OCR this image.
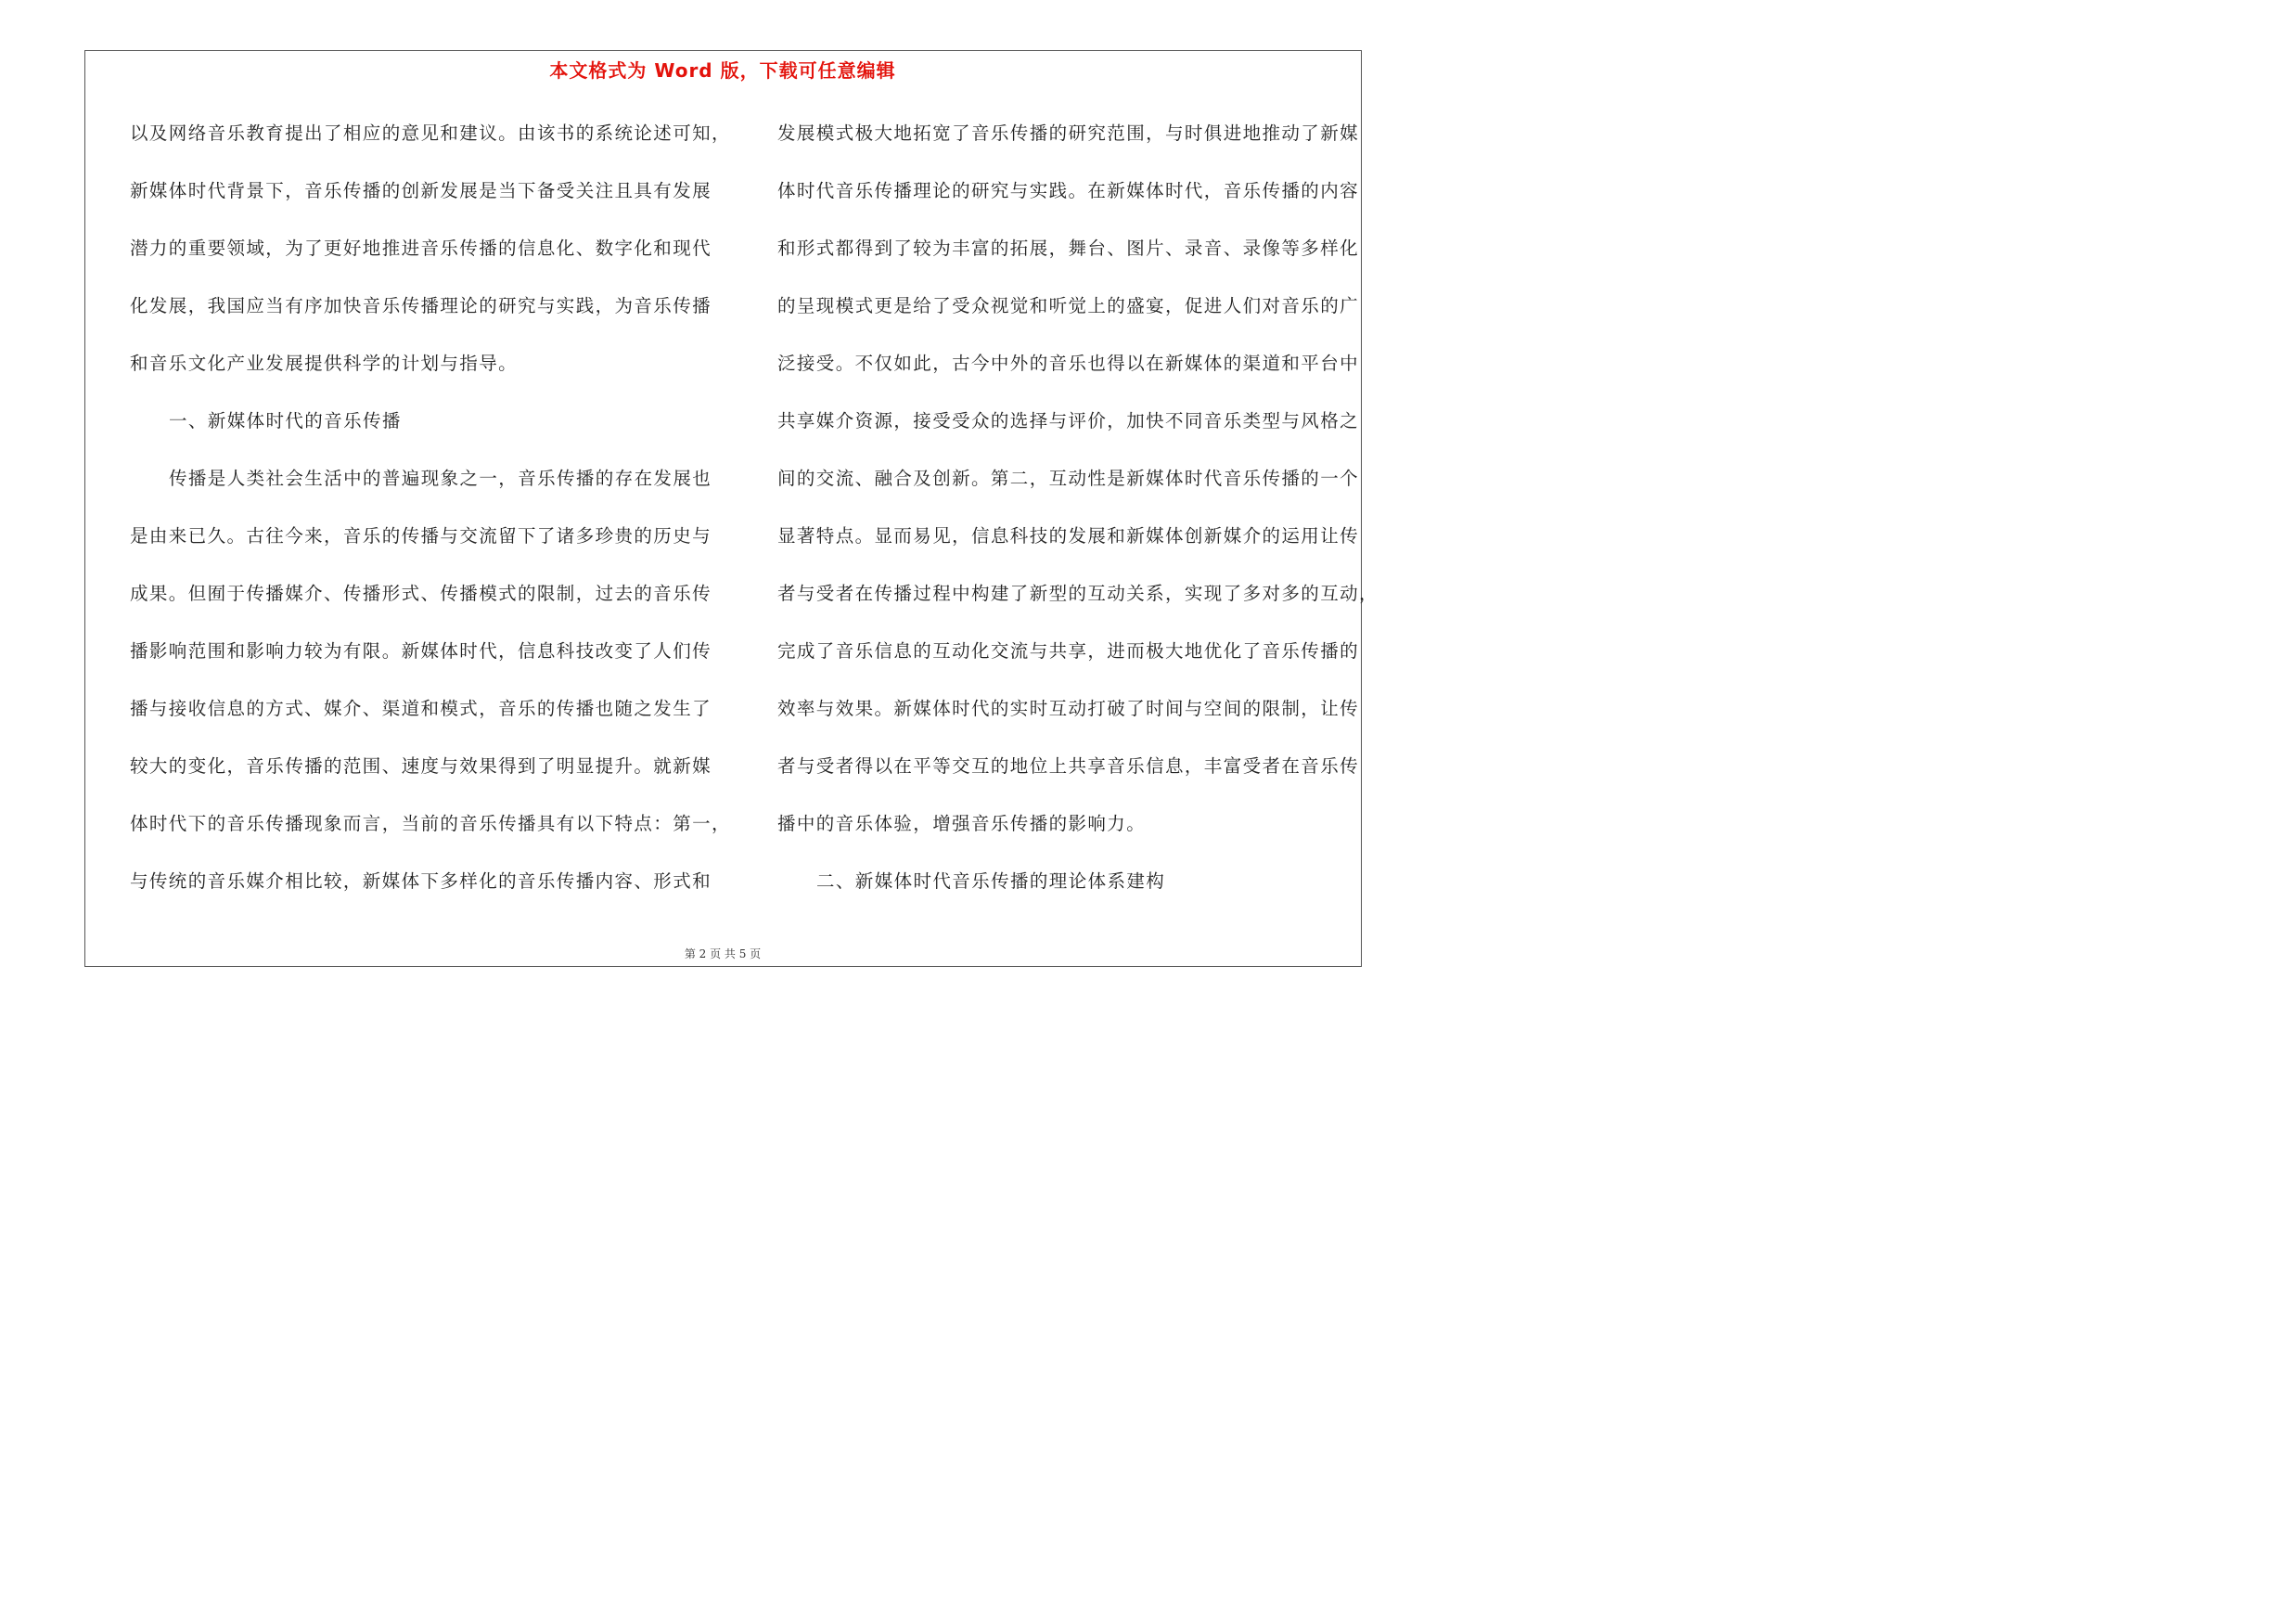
本文格式为 Word 版，下载可任意编辑
以及网络音乐教育提出了相应的意见和建议。由该书的系统论述可知，
新媒体时代背景下，音乐传播的创新发展是当下备受关注且具有发展
潜力的重要领域，为了更好地推进音乐传播的信息化、数字化和现代
化发展，我国应当有序加快音乐传播理论的研究与实践，为音乐传播
和音乐文化产业发展提供科学的计划与指导。
一、新媒体时代的音乐传播
传播是人类社会生活中的普遍现象之一，音乐传播的存在发展也
是由来已久。古往今来，音乐的传播与交流留下了诸多珍贵的历史与
成果。但囿于传播媒介、传播形式、传播模式的限制，过去的音乐传
播影响范围和影响力较为有限。新媒体时代，信息科技改变了人们传
播与接收信息的方式、媒介、渠道和模式，音乐的传播也随之发生了
较大的变化，音乐传播的范围、速度与效果得到了明显提升。就新媒
体时代下的音乐传播现象而言，当前的音乐传播具有以下特点：第一，
与传统的音乐媒介相比较，新媒体下多样化的音乐传播内容、形式和
发展模式极大地拓宽了音乐传播的研究范围，与时俱进地推动了新媒
体时代音乐传播理论的研究与实践。在新媒体时代，音乐传播的内容
和形式都得到了较为丰富的拓展，舞台、图片、录音、录像等多样化
的呈现模式更是给了受众视觉和听觉上的盛宴，促进人们对音乐的广
泛接受。不仅如此，古今中外的音乐也得以在新媒体的渠道和平台中
共享媒介资源，接受受众的选择与评价，加快不同音乐类型与风格之
间的交流、融合及创新。第二，互动性是新媒体时代音乐传播的一个
显著特点。显而易见，信息科技的发展和新媒体创新媒介的运用让传
者与受者在传播过程中构建了新型的互动关系，实现了多对多的互动，
完成了音乐信息的互动化交流与共享，进而极大地优化了音乐传播的
效率与效果。新媒体时代的实时互动打破了时间与空间的限制，让传
者与受者得以在平等交互的地位上共享音乐信息，丰富受者在音乐传
播中的音乐体验，增强音乐传播的影响力。
二、新媒体时代音乐传播的理论体系建构
第 2 页 共 5 页
